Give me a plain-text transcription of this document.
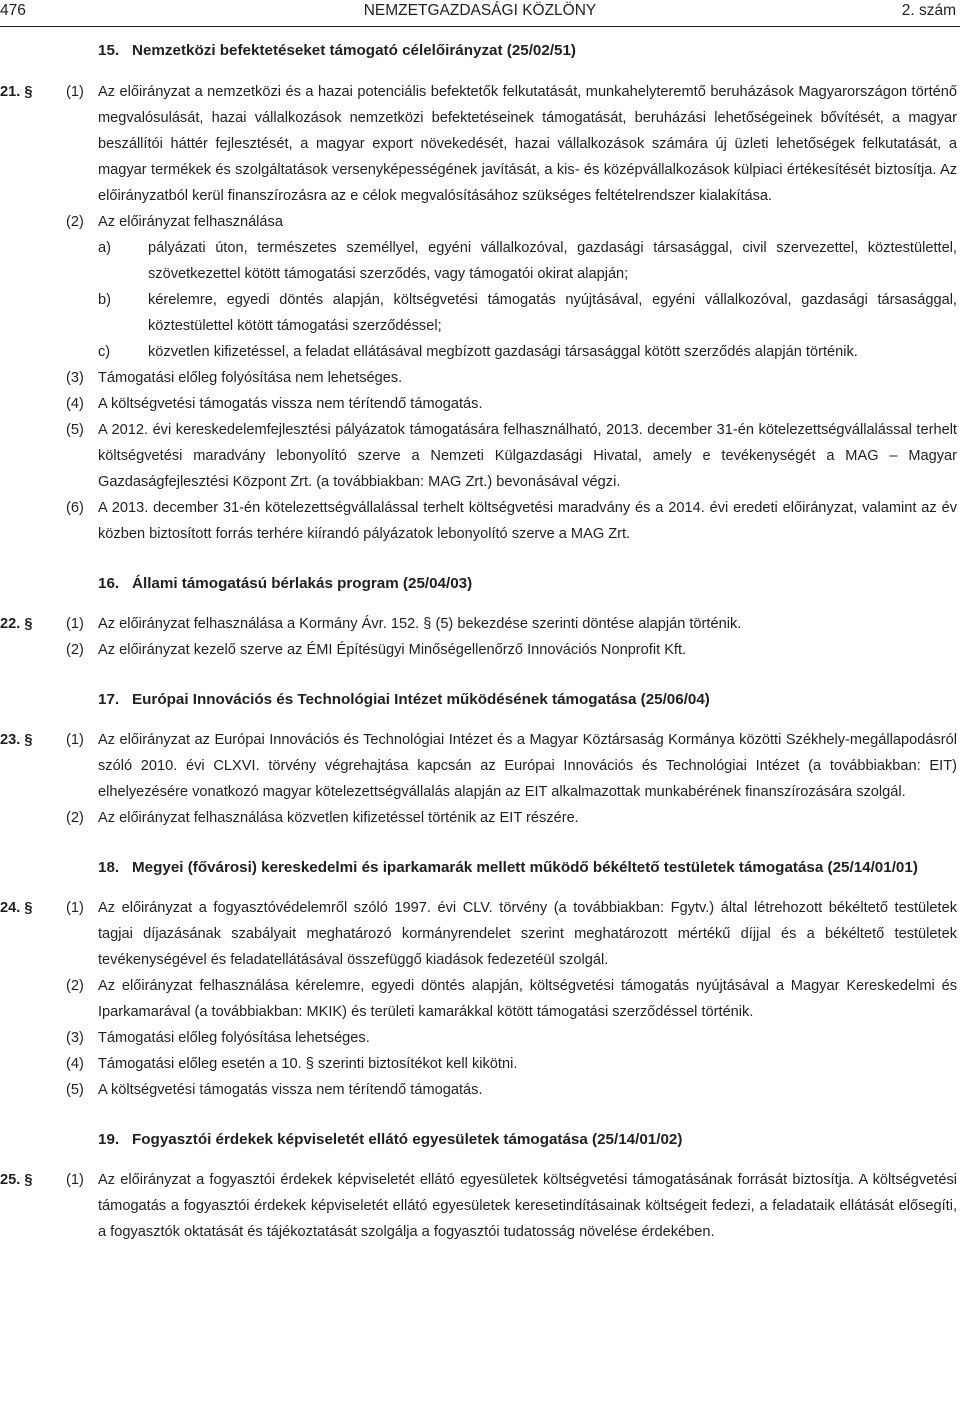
476	NEMZETGAZDASÁGI KÖZLÖNY	2. szám
15. Nemzetközi befektetéseket támogató célelőirányzat (25/02/51)
21. § (1) Az előirányzat a nemzetközi és a hazai potenciális befektetők felkutatását, munkahelyteremtő beruházások Magyarországon történő megvalósulását, hazai vállalkozások nemzetközi befektetéseinek támogatását, beruházási lehetőségeinek bővítését, a magyar beszállítói háttér fejlesztését, a magyar export növekedését, hazai vállalkozások számára új üzleti lehetőségek felkutatását, a magyar termékek és szolgáltatások versenyképességének javítását, a kis- és középvállalkozások külpiaci értékesítését biztosítja. Az előirányzatból kerül finanszírozásra az e célok megvalósításához szükséges feltételrendszer kialakítása.
(2) Az előirányzat felhasználása
a)	pályázati úton, természetes személlyel, egyéni vállalkozóval, gazdasági társasággal, civil szervezettel, köztestülettel, szövetkezettel kötött támogatási szerződés, vagy támogatói okirat alapján;
b)	kérelemre, egyedi döntés alapján, költségvetési támogatás nyújtásával, egyéni vállalkozóval, gazdasági társasággal, köztestülettel kötött támogatási szerződéssel;
c)	közvetlen kifizetéssel, a feladat ellátásával megbízott gazdasági társasággal kötött szerződés alapján történik.
(3) Támogatási előleg folyósítása nem lehetséges.
(4) A költségvetési támogatás vissza nem térítendő támogatás.
(5) A 2012. évi kereskedelemfejlesztési pályázatok támogatására felhasználható, 2013. december 31-én kötelezettségvállalással terhelt költségvetési maradvány lebonyolító szerve a Nemzeti Külgazdasági Hivatal, amely e tevékenységét a MAG – Magyar Gazdaságfejlesztési Központ Zrt. (a továbbiakban: MAG Zrt.) bevonásával végzi.
(6) A 2013. december 31-én kötelezettségvállalással terhelt költségvetési maradvány és a 2014. évi eredeti előirányzat, valamint az év közben biztosított forrás terhére kiírandó pályázatok lebonyolító szerve a MAG Zrt.
16. Állami támogatású bérlakás program (25/04/03)
22. § (1) Az előirányzat felhasználása a Kormány Ávr. 152. § (5) bekezdése szerinti döntése alapján történik.
(2) Az előirányzat kezelő szerve az ÉMI Építésügyi Minőségellenőrző Innovációs Nonprofit Kft.
17. Európai Innovációs és Technológiai Intézet működésének támogatása (25/06/04)
23. § (1) Az előirányzat az Európai Innovációs és Technológiai Intézet és a Magyar Köztársaság Kormánya közötti Székhely-megállapodásról szóló 2010. évi CLXVI. törvény végrehajtása kapcsán az Európai Innovációs és Technológiai Intézet (a továbbiakban: EIT) elhelyezésére vonatkozó magyar kötelezettségvállalás alapján az EIT alkalmazottak munkabérének finanszírozására szolgál.
(2) Az előirányzat felhasználása közvetlen kifizetéssel történik az EIT részére.
18. Megyei (fővárosi) kereskedelmi és iparkamarák mellett működő békéltető testületek támogatása (25/14/01/01)
24. § (1) Az előirányzat a fogyasztóvédelemről szóló 1997. évi CLV. törvény (a továbbiakban: Fgytv.) által létrehozott békéltető testületek tagjai díjazásának szabályait meghatározó kormányrendelet szerint meghatározott mértékű díjjal és a békéltető testületek tevékenységével és feladatellátásával összefüggő kiadások fedezetéül szolgál.
(2) Az előirányzat felhasználása kérelemre, egyedi döntés alapján, költségvetési támogatás nyújtásával a Magyar Kereskedelmi és Iparkamarával (a továbbiakban: MKIK) és területi kamarákkal kötött támogatási szerződéssel történik.
(3) Támogatási előleg folyósítása lehetséges.
(4) Támogatási előleg esetén a 10. § szerinti biztosítékot kell kikötni.
(5) A költségvetési támogatás vissza nem térítendő támogatás.
19. Fogyasztói érdekek képviseletét ellátó egyesületek támogatása (25/14/01/02)
25. § (1) Az előirányzat a fogyasztói érdekek képviseletét ellátó egyesületek költségvetési támogatásának forrását biztosítja. A költségvetési támogatás a fogyasztói érdekek képviseletét ellátó egyesületek keresetindításainak költségeit fedezi, a feladataik ellátását elősegíti, a fogyasztók oktatását és tájékoztatását szolgálja a fogyasztói tudatosság növelése érdekében.
